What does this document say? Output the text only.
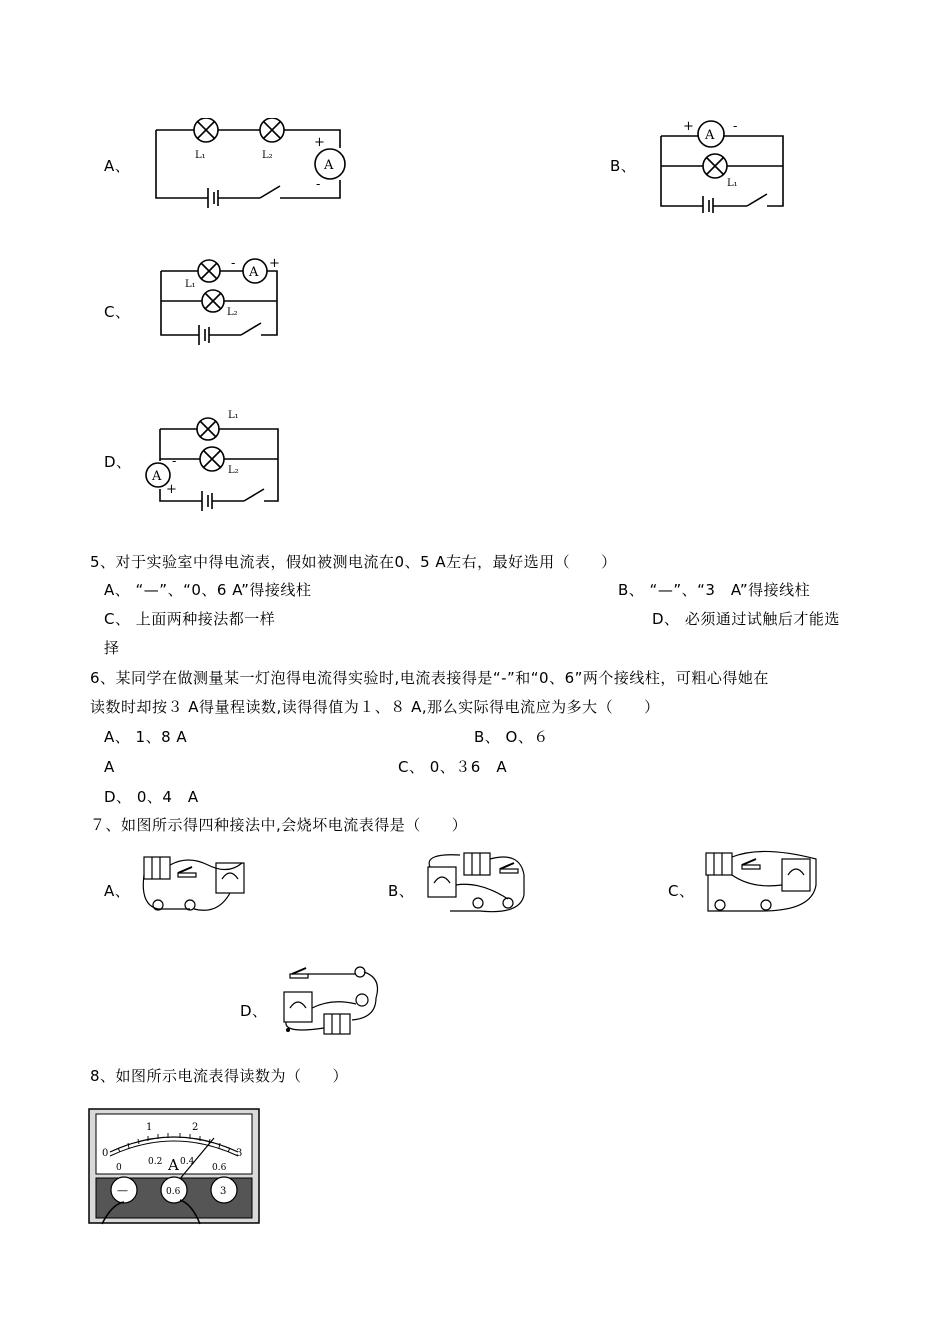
A、
L₁	L₂
A
+
-
B、
A
+	-
L₁
C、
L₁
A
-	+
L₂
D、
L₁
L₂
A
-
+
5、对于实验室中得电流表，假如被测电流在0、5 A左右，最好选用（　　）
A、 “—”、“0、6 A”得接线柱	B、 “—”、“3　A”得接线柱
C、 上面两种接法都一样	D、 必须通过试触后才能选
择
6、某同学在做测量某一灯泡得电流得实验时,电流表接得是“-”和“0、6”两个接线柱，可粗心得她在
读数时却按３ A得量程读数,读得得值为１、８ A,那么实际得电流应为多大（　　）
A、 1、8 A	B、 O、６
A	C、 0、３6　A
D、 0、4　A
７、如图所示得四种接法中,会烧坏电流表得是（　　）
A、	B、	C、
D、
8、如图所示电流表得读数为（　　）
0
1	2
3
0
0.2 0.4
0.6
A
—	0.6	3
